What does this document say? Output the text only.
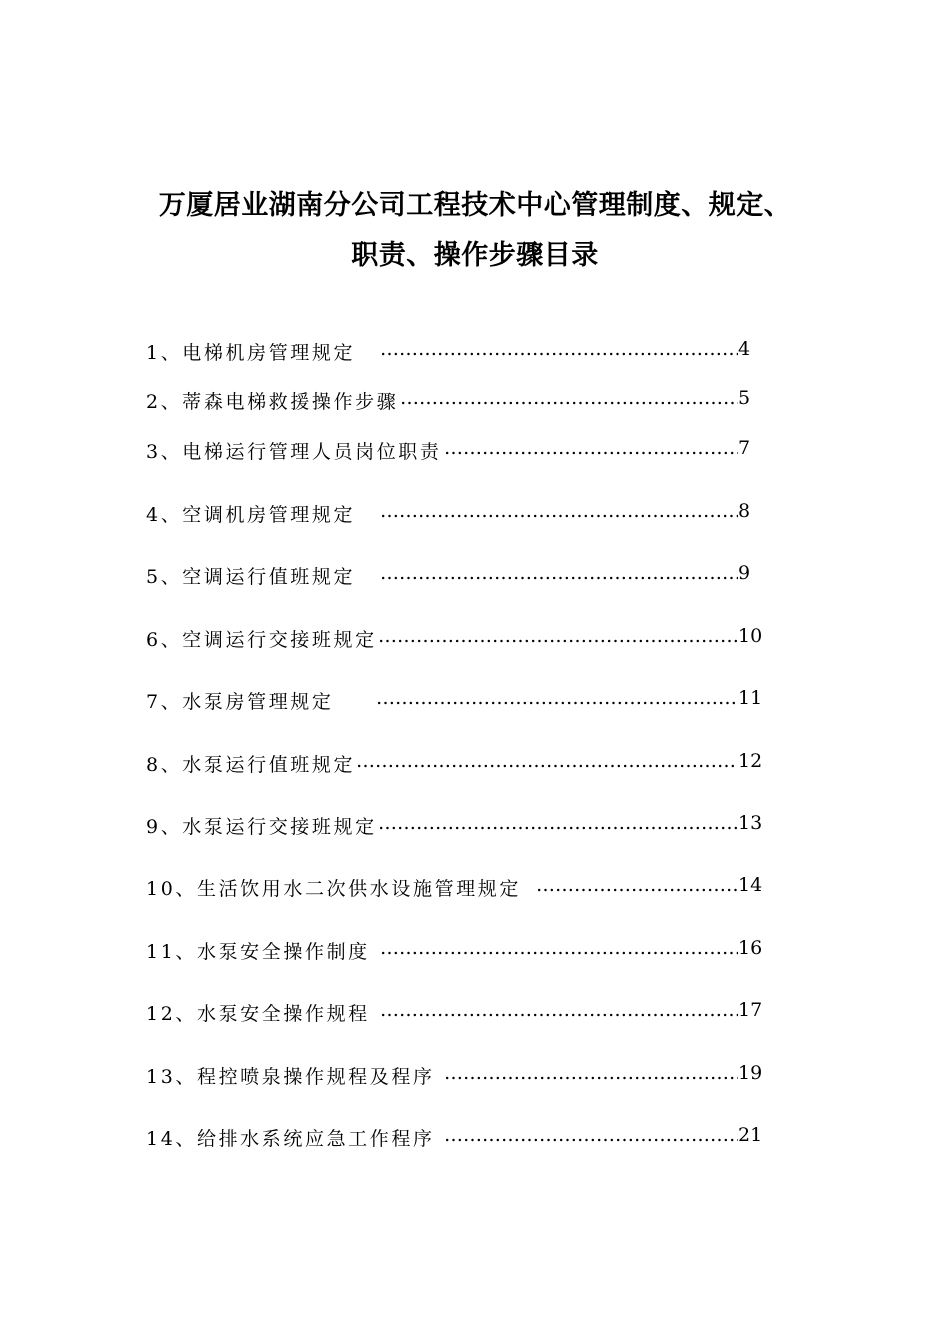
万厦居业湖南分公司工程技术中心管理制度、规定、
职责、操作步骤目录
1、电梯机房管理规定 ……………………………………………………………………………………………………………………………………………………………	4
2、蒂森电梯救援操作步骤 ……………………………………………………………………………………………………………………………………………………………	5
3、电梯运行管理人员岗位职责 ……………………………………………………………………………………………………………………………………………………………	7
4、空调机房管理规定 ……………………………………………………………………………………………………………………………………………………………	8
5、空调运行值班规定 ……………………………………………………………………………………………………………………………………………………………	9
6、空调运行交接班规定 ……………………………………………………………………………………………………………………………………………………………	10
7、水泵房管理规定 ……………………………………………………………………………………………………………………………………………………………	11
8、水泵运行值班规定 ……………………………………………………………………………………………………………………………………………………………	12
9、水泵运行交接班规定 ……………………………………………………………………………………………………………………………………………………………	13
10、生活饮用水二次供水设施管理规定 ……………………………………………………………………………………………………………………………………………………………	14
11、水泵安全操作制度 ……………………………………………………………………………………………………………………………………………………………	16
12、水泵安全操作规程 ……………………………………………………………………………………………………………………………………………………………	17
13、程控喷泉操作规程及程序 ……………………………………………………………………………………………………………………………………………………………	19
14、给排水系统应急工作程序 ……………………………………………………………………………………………………………………………………………………………	21
